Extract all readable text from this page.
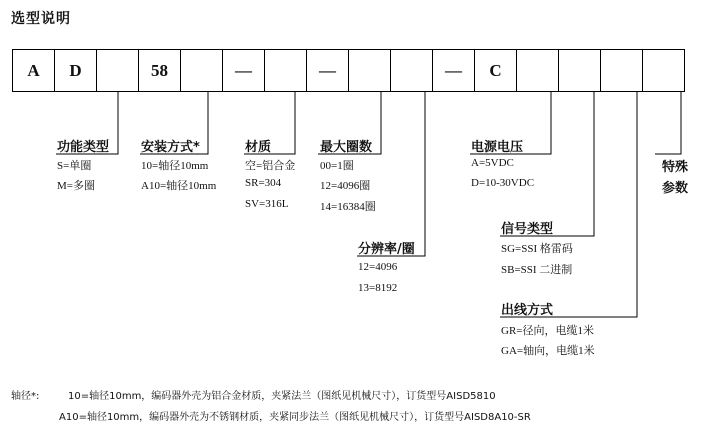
选型说明
A	D	58	—	—	—	C
功能类型
S=单圈
M=多圈
安装方式*
10=轴径10mm
A10=轴径10mm
材质
空=铝合金
SR=304
SV=316L
最大圈数
00=1圈
12=4096圈
14=16384圈
分辨率/圈
12=4096
13=8192
电源电压
A=5VDC
D=10-30VDC
信号类型
SG=SSI 格雷码
SB=SSI 二进制
出线方式
GR=径向，电缆1米
GA=轴向，电缆1米
特殊
参数
轴径*:	10=轴径10mm，编码器外壳为铝合金材质，夹紧法兰（图纸见机械尺寸），订货型号AISD5810
A10=轴径10mm，编码器外壳为不锈钢材质，夹紧同步法兰（图纸见机械尺寸），订货型号AISD8A10-SR
